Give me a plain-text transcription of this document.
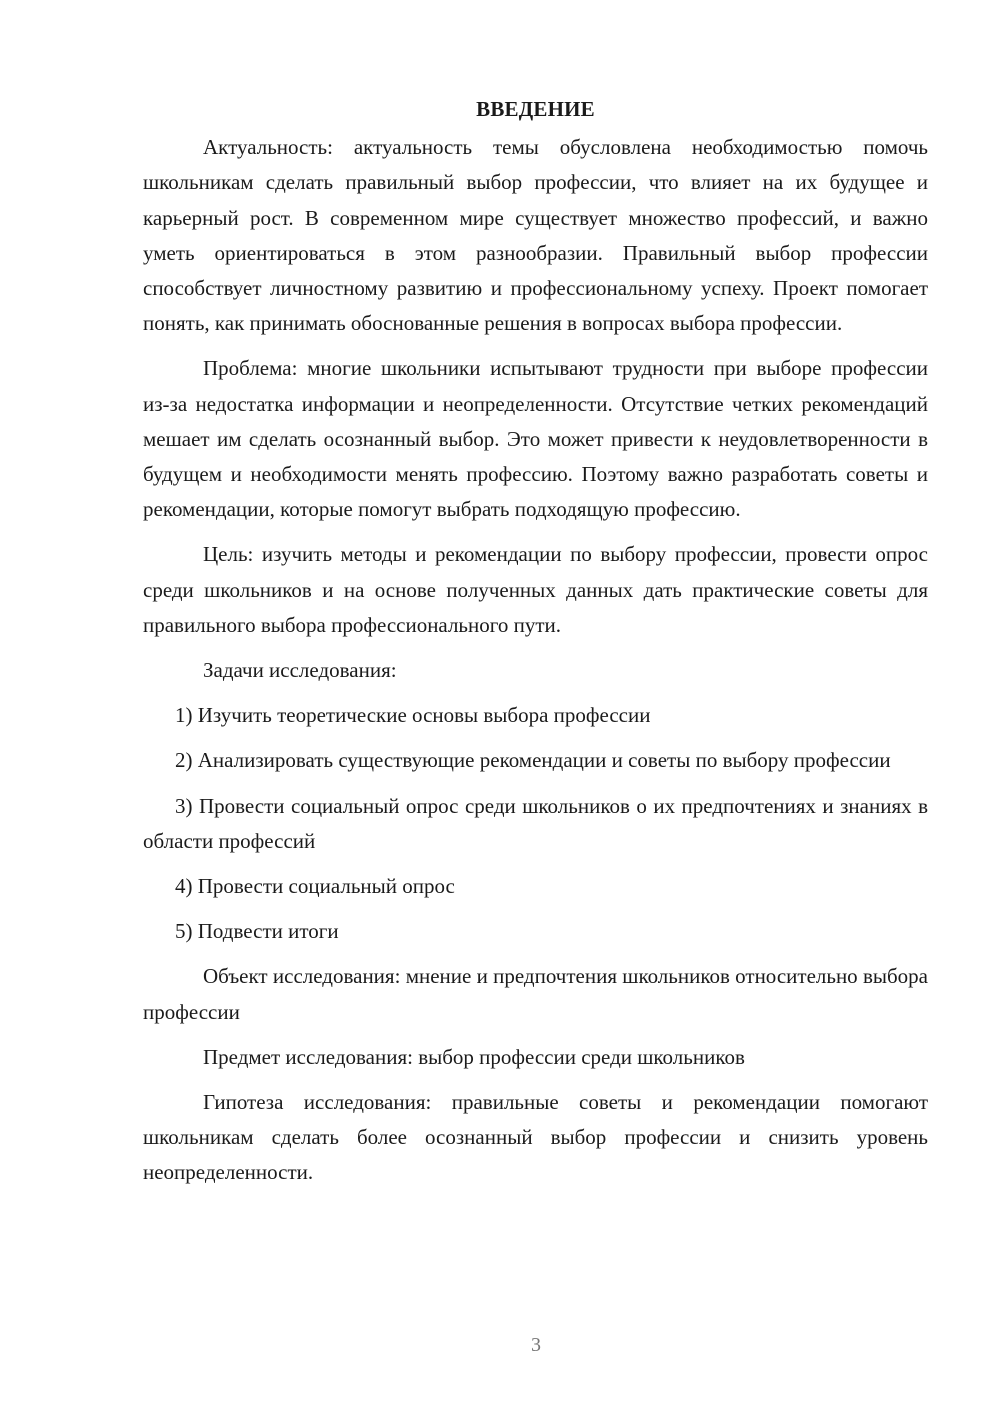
ВВЕДЕНИЕ

Актуальность: актуальность темы обусловлена необходимостью помочь школьникам сделать правильный выбор профессии, что влияет на их будущее и карьерный рост. В современном мире существует множество профессий, и важно уметь ориентироваться в этом разнообразии. Правильный выбор профессии способствует личностному развитию и профессиональному успеху. Проект помогает понять, как принимать обоснованные решения в вопросах выбора профессии.

Проблема: многие школьники испытывают трудности при выборе профессии из-за недостатка информации и неопределенности. Отсутствие четких рекомендаций мешает им сделать осознанный выбор. Это может привести к неудовлетворенности в будущем и необходимости менять профессию. Поэтому важно разработать советы и рекомендации, которые помогут выбрать подходящую профессию.

Цель: изучить методы и рекомендации по выбору профессии, провести опрос среди школьников и на основе полученных данных дать практические советы для правильного выбора профессионального пути.

Задачи исследования:

1) Изучить теоретические основы выбора профессии

2) Анализировать существующие рекомендации и советы по выбору профессии

3) Провести социальный опрос среди школьников о их предпочтениях и знаниях в области профессий

4) Провести социальный опрос

5) Подвести итоги

Объект исследования: мнение и предпочтения школьников относительно выбора профессии

Предмет исследования: выбор профессии среди школьников

Гипотеза исследования: правильные советы и рекомендации помогают школьникам сделать более осознанный выбор профессии и снизить уровень неопределенности.

3
